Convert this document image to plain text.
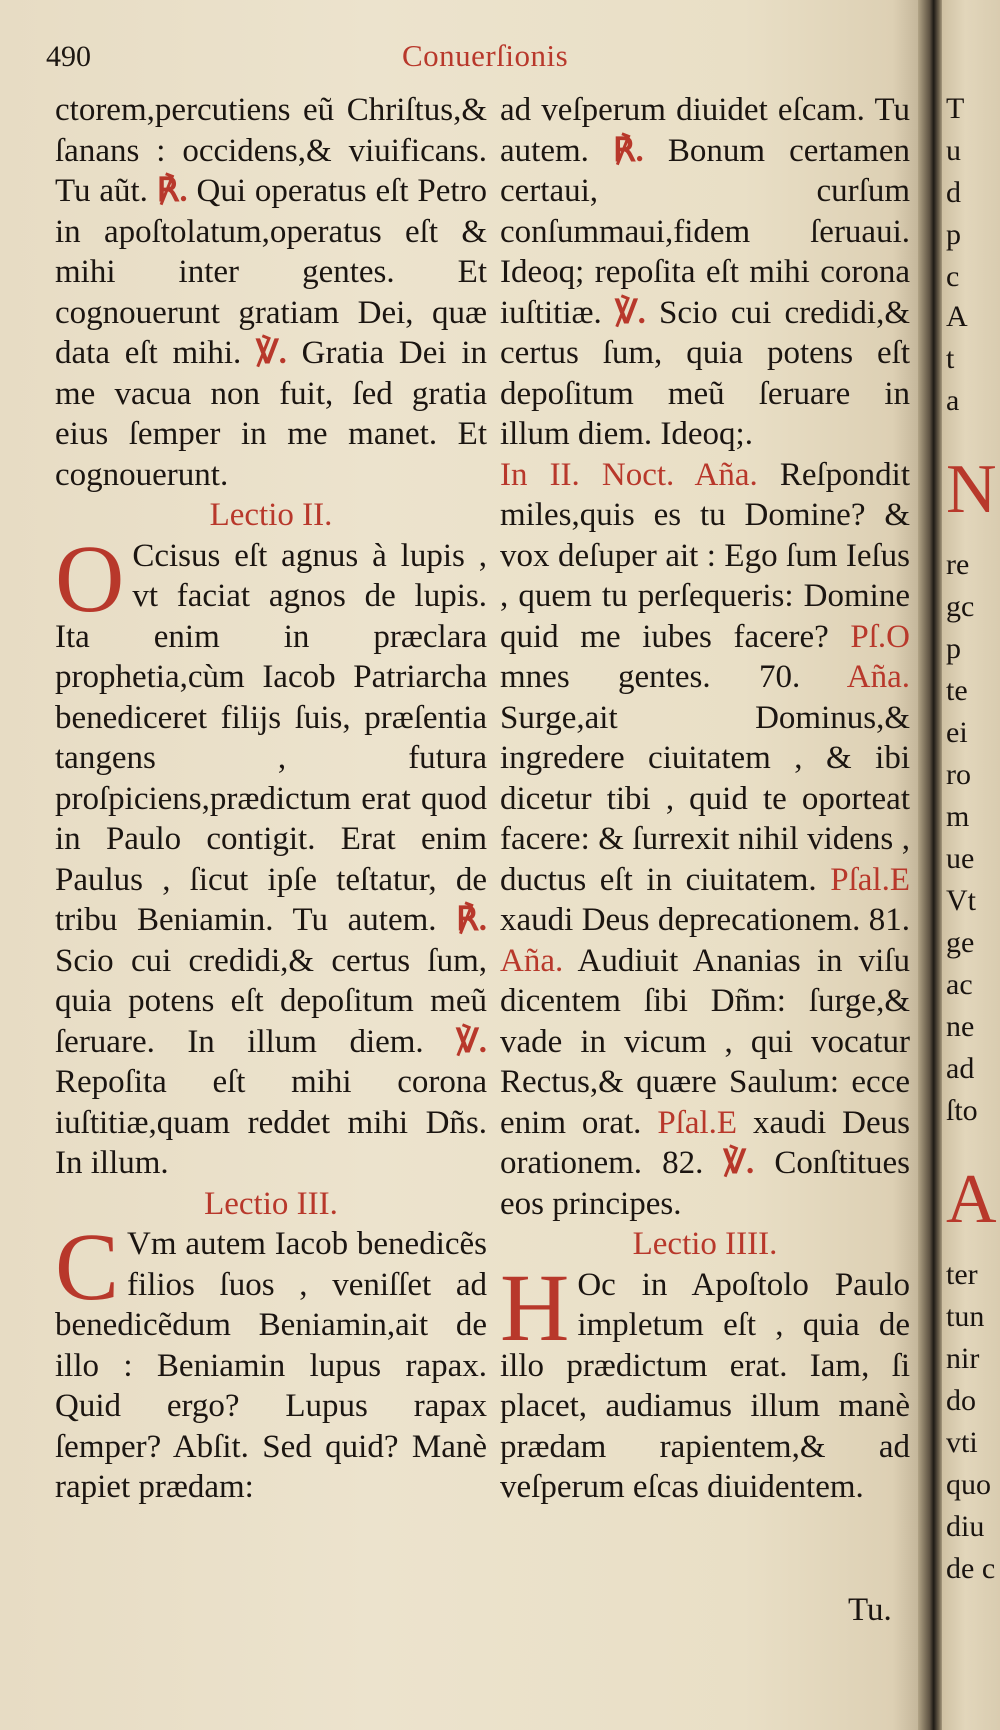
490	Conuerſionis

ctorem,percutiens eũ Chriſtus,& ſanans : occidens,& viuificans. Tu aũt. ℟. Qui operatus eſt Petro in apoſtolatum,operatus eſt & mihi inter gentes. Et cognouerunt gratiam Dei, quæ data eſt mihi. ℣. Gratia Dei in me vacua non fuit, ſed gratia eius ſemper in me manet. Et cognouerunt.

Lectio II.

O Ccisus eſt agnus à lupis , vt faciat agnos de lupis. Ita enim in præclara prophetia,cùm Iacob Patriarcha benediceret filijs ſuis, præſentia tangens , futura proſpiciens,prædictum erat quod in Paulo contigit. Erat enim Paulus , ſicut ipſe teſtatur, de tribu Beniamin. Tu autem. ℟. Scio cui credidi,& certus ſum, quia potens eſt depoſitum meũ ſeruare. In illum diem. ℣. Repoſita eſt mihi corona iuſtitiæ,quam reddet mihi Dñs. In illum.

Lectio III.

C Vm autem Iacob benedicẽs filios ſuos , veniſſet ad benedicẽdum Beniamin,ait de illo : Beniamin lupus rapax. Quid ergo? Lupus rapax ſemper? Abſit. Sed quid? Manè rapiet prædam:

ad veſperum diuidet eſcam. Tu autem. ℟. Bonum certamen certaui, curſum conſummaui,fidem ſeruaui. Ideoq; repoſita eſt mihi corona iuſtitiæ. ℣. Scio cui credidi,& certus ſum, quia potens eſt depoſitum meũ ſeruare in illum diem. Ideoq;.

In II. Noct. Aña. Reſpondit miles,quis es tu Domine? & vox deſuper ait : Ego ſum Ieſus , quem tu perſequeris: Domine quid me iubes facere? Pſ.O mnes gentes. 70. Aña. Surge,ait Dominus,& ingredere ciuitatem , & ibi dicetur tibi , quid te oporteat facere: & ſurrexit nihil videns , ductus eſt in ciuitatem. Pſal.E xaudi Deus deprecationem. 81. Aña. Audiuit Ananias in viſu dicentem ſibi Dñm: ſurge,& vade in vicum , qui vocatur Rectus,& quære Saulum: ecce enim orat. Pſal.E xaudi Deus orationem. 82. ℣. Conſtitues eos principes.

Lectio IIII.

H Oc in Apoſtolo Paulo impletum eſt , quia de illo prædictum erat. Iam, ſi placet, audiamus illum manè prædam rapientem,& ad veſperum eſcas diuidentem.

Tu.
T
u
d
p
c
A
t
a
N
re
gc
p
te
ei
ro
m
ue
Vt
ge
ac
ne
ad
ſto
A
ter
tun
nir
do
vti
quo
diu
de c
